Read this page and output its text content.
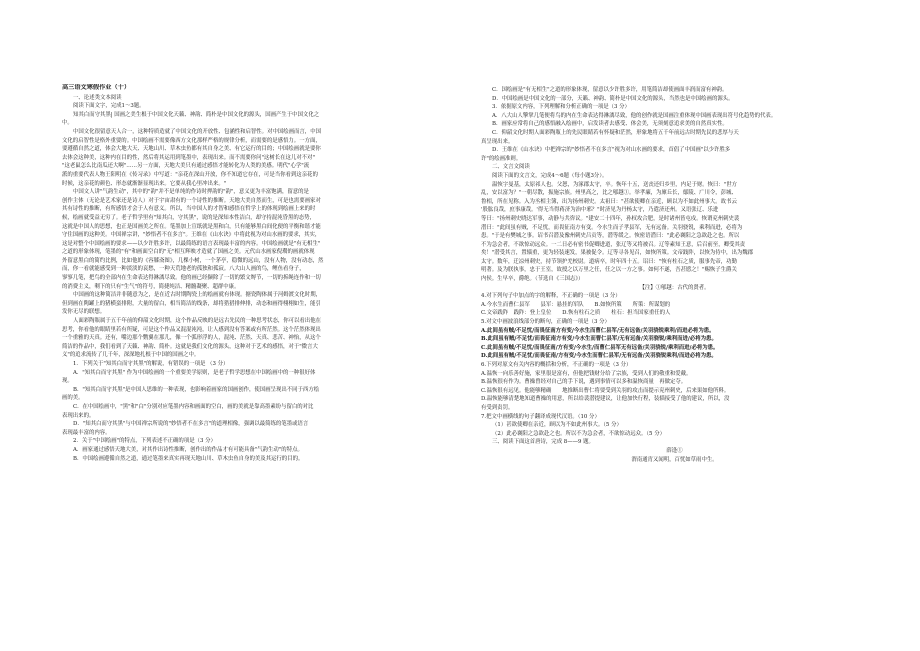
高三语文寒假作业（十）

一、论述类文本阅读

阅读下面文字，完成1～3题。

知其白而守其黑| 国画之美生根于中国文化天籁、神韵、简朴是中国文化的源头，国画产生于中国文化之

中。

中国文化很留意天人合一，这种特质造就了中国文化的开放性、包涵性和启智性。对中国绘画而言，中国

文化的启智性是格外重要的。中国绘画不需要像西方文化那样严格的规律分析，而需要的是感悟力。一方面，

要遵循自然之道，体会大地大天、天地山川、草木虫鱼都有其自身之美、有它运行的目的；中国绘画就是要你

去体会这种美，这种内在目的性，然后将其运用到笔墨中，表现出来。而不需要你问"这树长在这儿对不对"

"这老鼠怎么比南瓜还大啊"……另一方面，天地大美只有通过感悟才能转化为人类的美感。明代"心学"流

派的重要代表人物王阳明在《传习录》中写道："亲花在深山开放，你不知道它存在，可是当你看到这亲花的

时候，这亲花的颜色、形态就渐渐显现出来。它要从我心里冲出来。"

中国文人讲"气韵生动"，其中的"韵"并不是单纯的作诗时押韵的"韵"，意义更为丰富饱满，留意的是

创作主体（无论是艺术家还是诗人）对于宇宙肃有的一个诗性的推断。天地大美自然而生，可是也需要画家对

其有诗性的推断，有所感悟才会于人有意义。所以，当中国人的才智和感悟在哲学上的体现到绘画上来的时

候，绘画就受益无穷了。老子哲学里有"知其白，守其黑"，说的是深知本性洁白，却守持混沌昏黑的态势，

这就是中国人的思想，也正是国画美之所在。笔墨加上宣纸就是黑和白，只有能够黑白间化便的平衡和谐才能

守住国画的这种美。中国禅宗讲，"妙悟者不在多言"。王维在《山水诀》中将此视为对山水画的要求，其实，

这是对整个中国绘画的要求——以少许胜多许，以最简练的语言表现最丰富的内容。中国绘画就是"有无相生"

之道的形象体现，笔墨的"有"和画面空白的"无"相互辉映才造就了国画之美。元代山水画家倪瓒的画就体现

外留意黑白的简约比例，比如他的《容膝斋图》，几棵小树，一个茅亭，稳微的远山，没有人物，没有动态，然

而，你一看就能感受到一种淡淡的哀愁，一种天荒地老的孤独和孤寂。八大山人画的鸟，鲤鱼看身子，

寥寥几笔，把鸟的全部内在生命表达得淋漓尽致。他的画已经撷除了一切的繁文缛节，一切的拆绳连作和一切

的消费主义，剩下的只有"生气"的符号，简捷纯洁、精髓凝聚、超群中康。

中国画的这种简洁并非随意为之，是在近古时期陶瓷上的绘画就有体现。搪瓷陶体属于河姆渡文化时期，

但到画在陶罐上的猪横蛮排附，大量的留白，相当简洁的线条，却将猎猎排伸排，动态和画得栩栩如生，能引

发你无尽的联想。

人面彩陶瓶属于五千年前的仰韶文化时期，这个作品反映的是远古先民的一种思考状态，你可以看出他在

思考，你看他的眼睛里若有所疑，可是这个作品又混混沌沌，让人感到没有答案或有所茫然。这个茫然体现出

一个重雅的天真。还有，嘴边那个鹦翼在那儿，像一个弧形浮的人，混沌、茫然、天真、悲苦、神怡，从这个

简洁的作品中，我们看到了天籁、神韵、简朴。这就是我们文化的源头，这种对于艺术的感悟，对于"微言大

义"的追求流传了几千年，深深地扎根于中国的国画之中。

1．下列关于"知其白而守其黑"的解说，有错误的一项是 （3 分）

A．"知其白而守其黑" 作为中国绘画的一个重要美学原则，是老子哲学思想在中国绘画中的一种很好体

现。

B．"知其白而守其黑"是中国人思维的一种表现，也影响着画家的国画创作，使国画呈现出不同于西方绘

画的美。

C．在中国绘画中，"黑"和"白"分别对应笔墨内容和画面的空白，画的美就是靠高墨素纷与留白的对比

表现出来的。

D．"知其白而守其黑"与中国禅宗所说的"妙悟者不在多言"的道理相像，强调以最简练的笔墨或语言

表现最丰富的内容。

2．关于"中国绘画"的特点，下列表述不正确的项是（3 分）

A．画家通过感悟天地大美，对其作出诗性推断，创作出的作品才有可能具备"气韵生动"的特点。

B．中国绘画遵循自然之道，通过笔墨来真实再现天地山川、草木虫鱼自身的美及其运行的目的。

C．国绘画是"有无相生"之道的形象体现，留意以少许胜多许，用笔简洁却使画面丰润而富有神韵。

D．中国绘画是中国文化的一部分，天籁、神韵、简朴是中国文化的源头，当然也是中国绘画的源头。

3．依据原文内容，下列理解和分析正确的一项是（3 分）

A．八大山人擎掌几笔便将鸟的内在生命表达得淋漓尽致，他的创作就是国画注重体现中国画表现出符号化趋势的代表。

B．画家应常将自己的感悟融入绘画中，启发读者去感受、体会美，无须刻意追求美的自然真实性。

C．仰韶文化时期人面彩陶瓶上的先民眼睛若有怀疑和茫然，形象地将五千年前远古时期先民的悲厚与天

真呈现出来。

D．王维在《山水诀》中把禅宗的"妙悟者不在多言"视为对山水画的要求，首倡了中国画"以少许胜多

许"的绘画准则。

二、文言文阅读

阅读下面的文言文，完成4～6题（每小题3分）。

温恢字曼基，太原祁人也。父恕，为涿郡太守，卒。恢年十五，送丧还归乡里，内足于财。恢曰："世方

乱，安以富为？"一朝尽散，振施宗族。州里高之，比之郇越①。举孝廉，为廪丘长，鄢陵、广川令，彭城、

鲁相，所在见称。入为丞相主簿，出为扬州刺史。太祖曰："甚欲使卿在亲近，顾以为不如此州事大。故书云

'股肱良哉，庶事康哉。'得无当得蒋济为治中邪？"时济见为丹杨太守，乃遣济还州。又语张辽、乐进

等曰："扬州刺史晓达军事，动静与共咨议。"建安二十四年，孙权攻合肥，是时诸州皆屯戍。恢谓兖州刺史裴

潜曰："此间虽有贼，不足忧，而畏征南方有变。今水生而子孝县军，无有远备。关羽骁锐，乘利而进，必将为

患。"于是有樊城之事。诏书召潜及豫州刺史吕贡等，潜等缓之。恢密语潜曰："此必襄阳之急欲赴之也。所以

不为急会者，不欲惊动远众。一二日必有密书促卿进道，张辽等又将被召。辽等素知王意，后召前至，卿受其责

矣！"潜受其言，置辎重，更为轻装速发，果被促令。辽等寻各见召，如恢所策。文帝践阼，以恢为侍中，出为魏郡

太守。数年，迁凉州刺史，持节领护羌校尉。道病卒，时年四十五。诏曰："恢有柱石之质，服事先帝，功勤

明著。及为朕执事，忠于王室，故授之以万里之任，任之以一方之事。如何不遂，吾甚愍之！"赐恢子生爵关

内侯。生早卒，爵绝。（节选自《三国志》）

【注】①郇越：古代的贤者。

4.对下列句子中加点的字的解释，不正确的一项是（3 分）

A.今水生而曹仁县军　　县军：悬挂的军队　　B.如恢所策　　所策：所谋划的

C.文帝践阼　践阼：登上皇位　　D.恢有柱石之质　　柱石：担当国家重任的人

5.对文中画波浪线部分的断句，正确的一项是（3 分）

A.此间虽有贼/不足忧/而畏征南方有变/今水生而曹仁县军/无有远备/关羽骁锐乘利/而进必将为患。

B.此间虽有贼/不足忧/而畏征南方有变/今水生而曹仁县军/无有远备/关羽骁锐/乘利而进/必将为患。

C.此间虽有贼/不足忧/而畏征南/方有变/今水生/而曹仁县军无有远备/关羽骁锐/乘利而进/必将为患。

D.此间虽有贼/不足忧/而畏征南/方有变/今水生而曹仁县军/无有远备/关羽骁锐乘利/而进必将为患。

6.下列对原文有关内容的概括和分析，不正确的一项是（3 分）

A.温恢一向乐善好施，家里很是富有，但他把钱财分给了宗族，受到人们的敬重和爱戴。

B.温恢很有作为。曹操曾经对自己的手下说，遇到事情可以多和温恢商量　再做定夺。

C.温恢很有远见。他能够精确　　地推断出曹仁将要受到关羽的攻击而提示兖州刺史，后来果如他所料。

D.温恢能够清楚地知道曹操的用意，所以给裴潜提建议，让他加快行程，装辎接受了他的建议，所以，没

有受到责罚。

7.把文中画横线的句子翻译成现代汉语。（10 分）

（1）甚欲使卿在亲近，顾以为不如此州事大。（5 分）

（2）此必襄阳之急欲赴之也。所以不为急会者，不欲惊动远众。（5 分）

三、阅读下面这首唐诗，完成 8——9 题。

薛逢①

渭南通宵又闻明，百忧如草雨中生。
